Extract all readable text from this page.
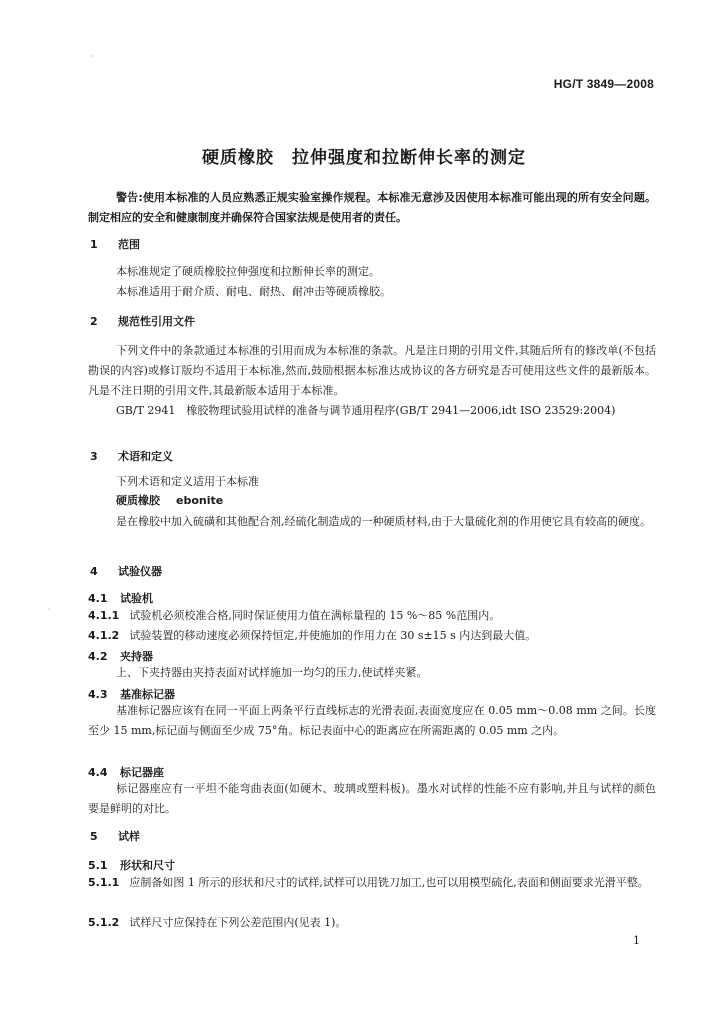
·
·
HG/T 3849—2008
硬质橡胶　拉伸强度和拉断伸长率的测定
警告:使用本标准的人员应熟悉正规实验室操作规程。本标准无意涉及因使用本标准可能出现的所有安全问题。制定相应的安全和健康制度并确保符合国家法规是使用者的责任。
1 范围
本标准规定了硬质橡胶拉伸强度和拉断伸长率的测定。
本标准适用于耐介质、耐电、耐热、耐冲击等硬质橡胶。
2 规范性引用文件
下列文件中的条款通过本标准的引用而成为本标准的条款。凡是注日期的引用文件,其随后所有的修改单(不包括勘误的内容)或修订版均不适用于本标准,然而,鼓励根据本标准达成协议的各方研究是否可使用这些文件的最新版本。凡是不注日期的引用文件,其最新版本适用于本标准。
GB/T 2941　橡胶物理试验用试样的准备与调节通用程序(GB/T 2941—2006,idt ISO 23529:2004)
3 术语和定义
下列术语和定义适用于本标准
硬质橡胶 ebonite
是在橡胶中加入硫磺和其他配合剂,经硫化制造成的一种硬质材料,由于大量硫化剂的作用使它具有较高的硬度。
4 试验仪器
4.1 试验机
4.1.1 试验机必须校准合格,同时保证使用力值在满标量程的 15 %～85 %范围内。
4.1.2 试验装置的移动速度必须保持恒定,并使施加的作用力在 30 s±15 s 内达到最大值。
4.2 夹持器
上、下夹持器由夹持表面对试样施加一均匀的压力,使试样夹紧。
4.3 基准标记器
基准标记器应该有在同一平面上两条平行直线标志的光滑表面,表面宽度应在 0.05 mm～0.08 mm 之间。长度至少 15 mm,标记面与侧面至少成 75°角。标记表面中心的距离应在所需距离的 0.05 mm 之内。
4.4 标记器座
标记器座应有一平坦不能弯曲表面(如硬木、玻璃或塑料板)。墨水对试样的性能不应有影响,并且与试样的颜色要是鲜明的对比。
5 试样
5.1 形状和尺寸
5.1.1 应制备如图 1 所示的形状和尺寸的试样,试样可以用铣刀加工,也可以用模型硫化,表面和侧面要求光滑平整。
5.1.2 试样尺寸应保持在下列公差范围内(见表 1)。
1
